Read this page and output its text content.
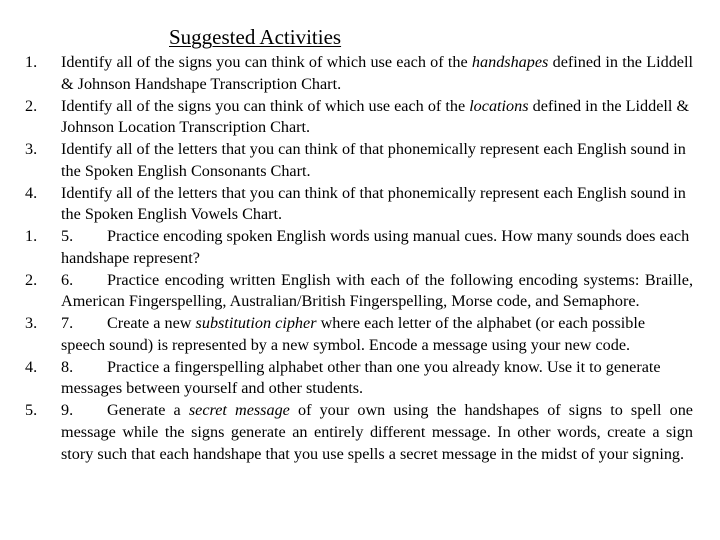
Suggested Activities
1.	Identify all of the signs you can think of which use each of the handshapes defined in the Liddell & Johnson Handshape Transcription Chart.
2.	Identify all of the signs you can think of which use each of the locations defined in the Liddell & Johnson Location Transcription Chart.
3.	Identify all of the letters that you can think of that phonemically represent each English sound in the Spoken English Consonants Chart.
4.	Identify all of the letters that you can think of that phonemically represent each English sound in the Spoken English Vowels Chart.
1.	5. Practice encoding spoken English words using manual cues. How many sounds does each handshape represent?
2.	6. Practice encoding written English with each of the following encoding systems: Braille, American Fingerspelling, Australian/British Fingerspelling, Morse code, and Semaphore.
3.	7. Create a new substitution cipher where each letter of the alphabet (or each possible speech sound) is represented by a new symbol. Encode a message using your new code.
4.	8. Practice a fingerspelling alphabet other than one you already know. Use it to generate messages between yourself and other students.
5.	9. Generate a secret message of your own using the handshapes of signs to spell one message while the signs generate an entirely different message. In other words, create a sign story such that each handshape that you use spells a secret message in the midst of your signing.
